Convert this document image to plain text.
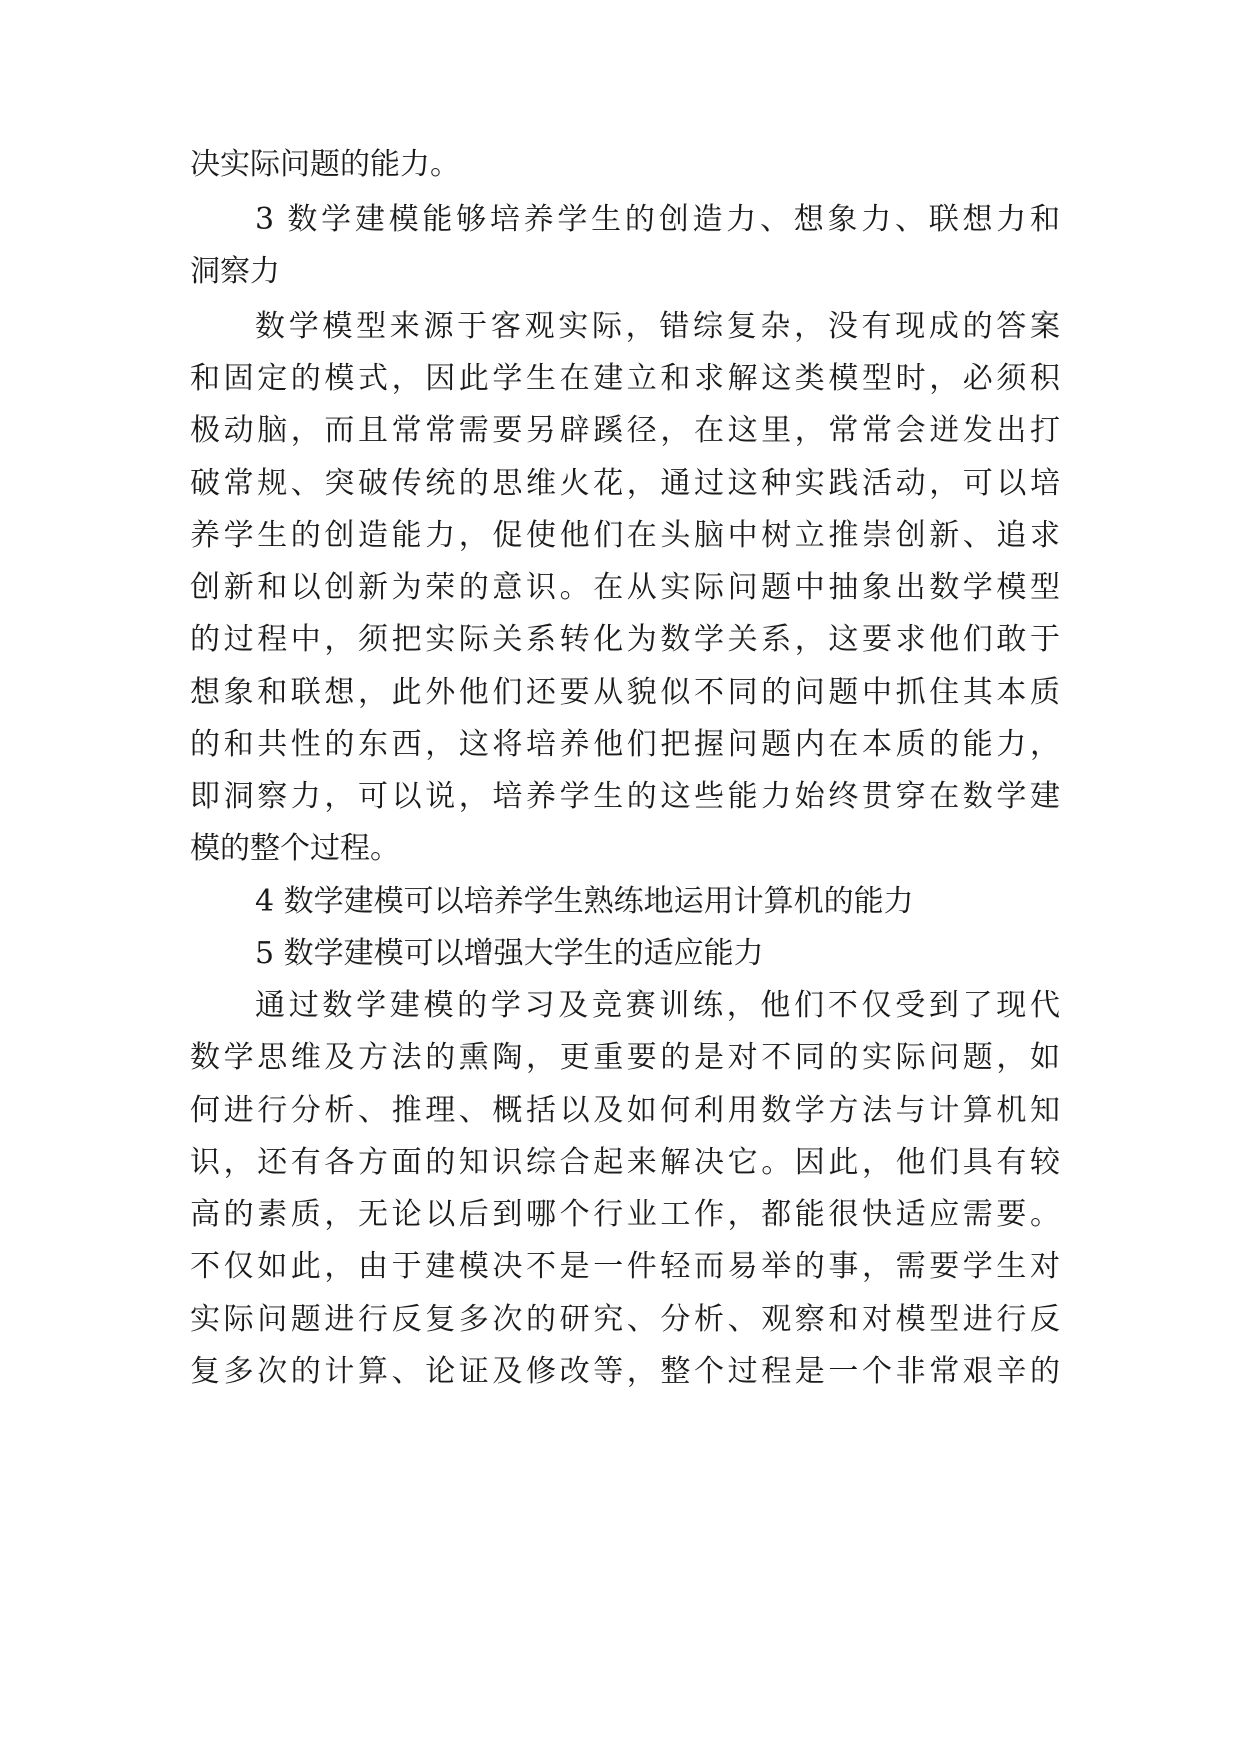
决实际问题的能力。
3 数学建模能够培养学生的创造力、想象力、联想力和
洞察力
数学模型来源于客观实际，错综复杂，没有现成的答案
和固定的模式，因此学生在建立和求解这类模型时，必须积
极动脑，而且常常需要另辟蹊径，在这里，常常会迸发出打
破常规、突破传统的思维火花，通过这种实践活动，可以培
养学生的创造能力，促使他们在头脑中树立推崇创新、追求
创新和以创新为荣的意识。在从实际问题中抽象出数学模型
的过程中，须把实际关系转化为数学关系，这要求他们敢于
想象和联想，此外他们还要从貌似不同的问题中抓住其本质
的和共性的东西，这将培养他们把握问题内在本质的能力，
即洞察力，可以说，培养学生的这些能力始终贯穿在数学建
模的整个过程。
4 数学建模可以培养学生熟练地运用计算机的能力
5 数学建模可以增强大学生的适应能力
通过数学建模的学习及竞赛训练，他们不仅受到了现代
数学思维及方法的熏陶，更重要的是对不同的实际问题，如
何进行分析、推理、概括以及如何利用数学方法与计算机知
识，还有各方面的知识综合起来解决它。因此，他们具有较
高的素质，无论以后到哪个行业工作，都能很快适应需要。
不仅如此，由于建模决不是一件轻而易举的事，需要学生对
实际问题进行反复多次的研究、分析、观察和对模型进行反
复多次的计算、论证及修改等，整个过程是一个非常艰辛的
